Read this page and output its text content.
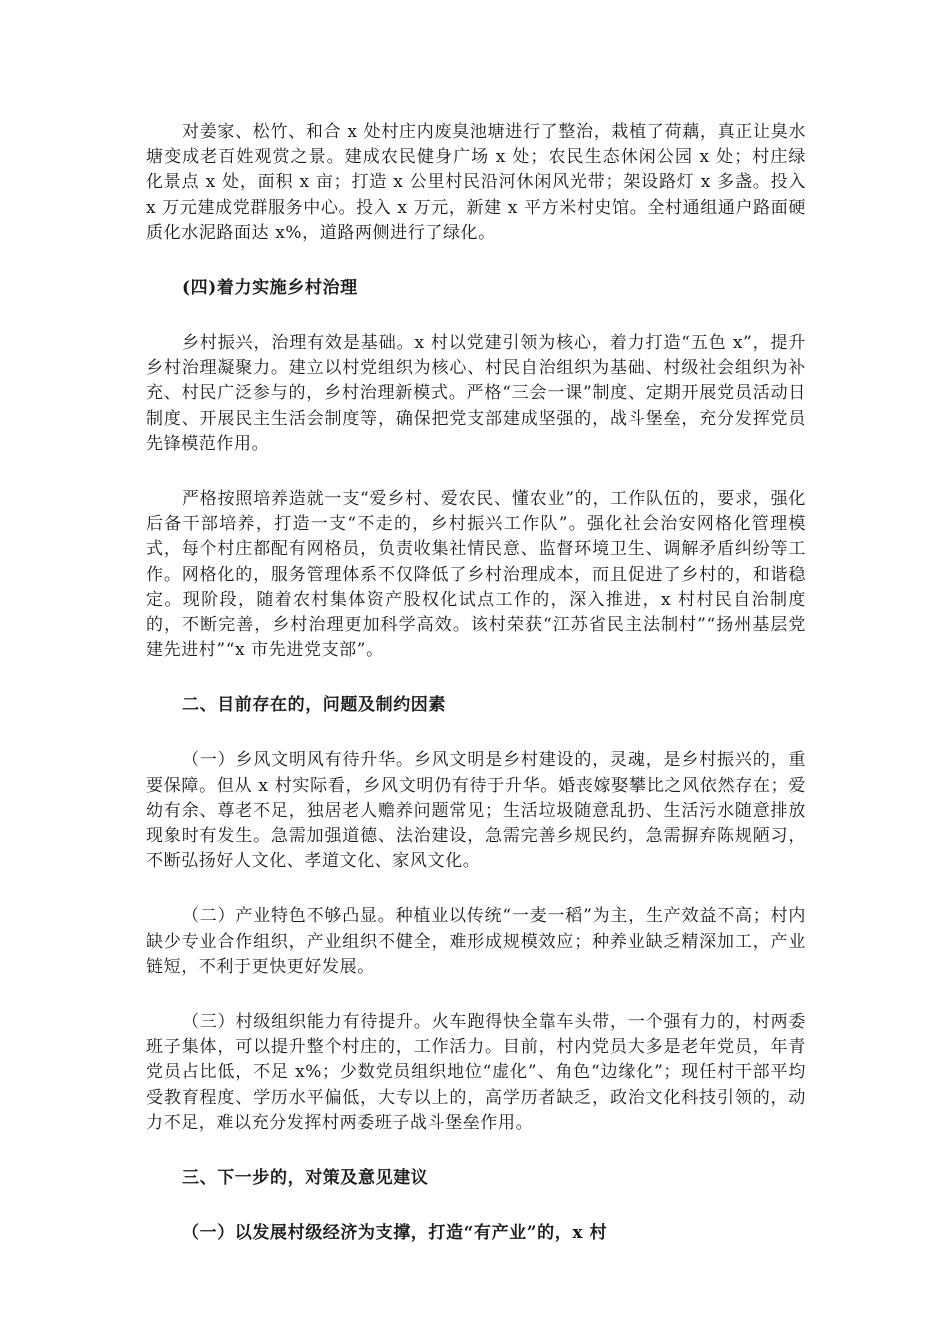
对姜家、松竹、和合 x 处村庄内废臭池塘进行了整治，栽植了荷藕，真正让臭水塘变成老百姓观赏之景。建成农民健身广场 x 处；农民生态休闲公园 x 处；村庄绿化景点 x 处，面积 x 亩；打造 x 公里村民沿河休闲风光带；架设路灯 x 多盏。投入 x 万元建成党群服务中心。投入 x 万元，新建 x 平方米村史馆。全村通组通户路面硬质化水泥路面达 x%，道路两侧进行了绿化。

(四)着力实施乡村治理

乡村振兴，治理有效是基础。x 村以党建引领为核心，着力打造“五色 x”，提升乡村治理凝聚力。建立以村党组织为核心、村民自治组织为基础、村级社会组织为补充、村民广泛参与的，乡村治理新模式。严格“三会一课”制度、定期开展党员活动日制度、开展民主生活会制度等，确保把党支部建成坚强的，战斗堡垒，充分发挥党员先锋模范作用。

严格按照培养造就一支“爱乡村、爱农民、懂农业”的，工作队伍的，要求，强化后备干部培养，打造一支“不走的，乡村振兴工作队”。强化社会治安网格化管理模式，每个村庄都配有网格员，负责收集社情民意、监督环境卫生、调解矛盾纠纷等工作。网格化的，服务管理体系不仅降低了乡村治理成本，而且促进了乡村的，和谐稳定。现阶段，随着农村集体资产股权化试点工作的，深入推进，x 村村民自治制度的，不断完善，乡村治理更加科学高效。该村荣获“江苏省民主法制村”“扬州基层党建先进村”“x 市先进党支部”。

二、目前存在的，问题及制约因素

（一）乡风文明风有待升华。乡风文明是乡村建设的，灵魂，是乡村振兴的，重要保障。但从 x 村实际看，乡风文明仍有待于升华。婚丧嫁娶攀比之风依然存在；爱幼有余、尊老不足，独居老人赡养问题常见；生活垃圾随意乱扔、生活污水随意排放现象时有发生。急需加强道德、法治建设，急需完善乡规民约，急需摒弃陈规陋习，不断弘扬好人文化、孝道文化、家风文化。

（二）产业特色不够凸显。种植业以传统“一麦一稻”为主，生产效益不高；村内缺少专业合作组织，产业组织不健全，难形成规模效应；种养业缺乏精深加工，产业链短，不利于更快更好发展。

（三）村级组织能力有待提升。火车跑得快全靠车头带，一个强有力的，村两委班子集体，可以提升整个村庄的，工作活力。目前，村内党员大多是老年党员，年青党员占比低，不足 x%；少数党员组织地位“虚化”、角色“边缘化”；现任村干部平均受教育程度、学历水平偏低，大专以上的，高学历者缺乏，政治文化科技引领的，动力不足，难以充分发挥村两委班子战斗堡垒作用。

三、下一步的，对策及意见建议

（一）以发展村级经济为支撑，打造“有产业”的，x 村
